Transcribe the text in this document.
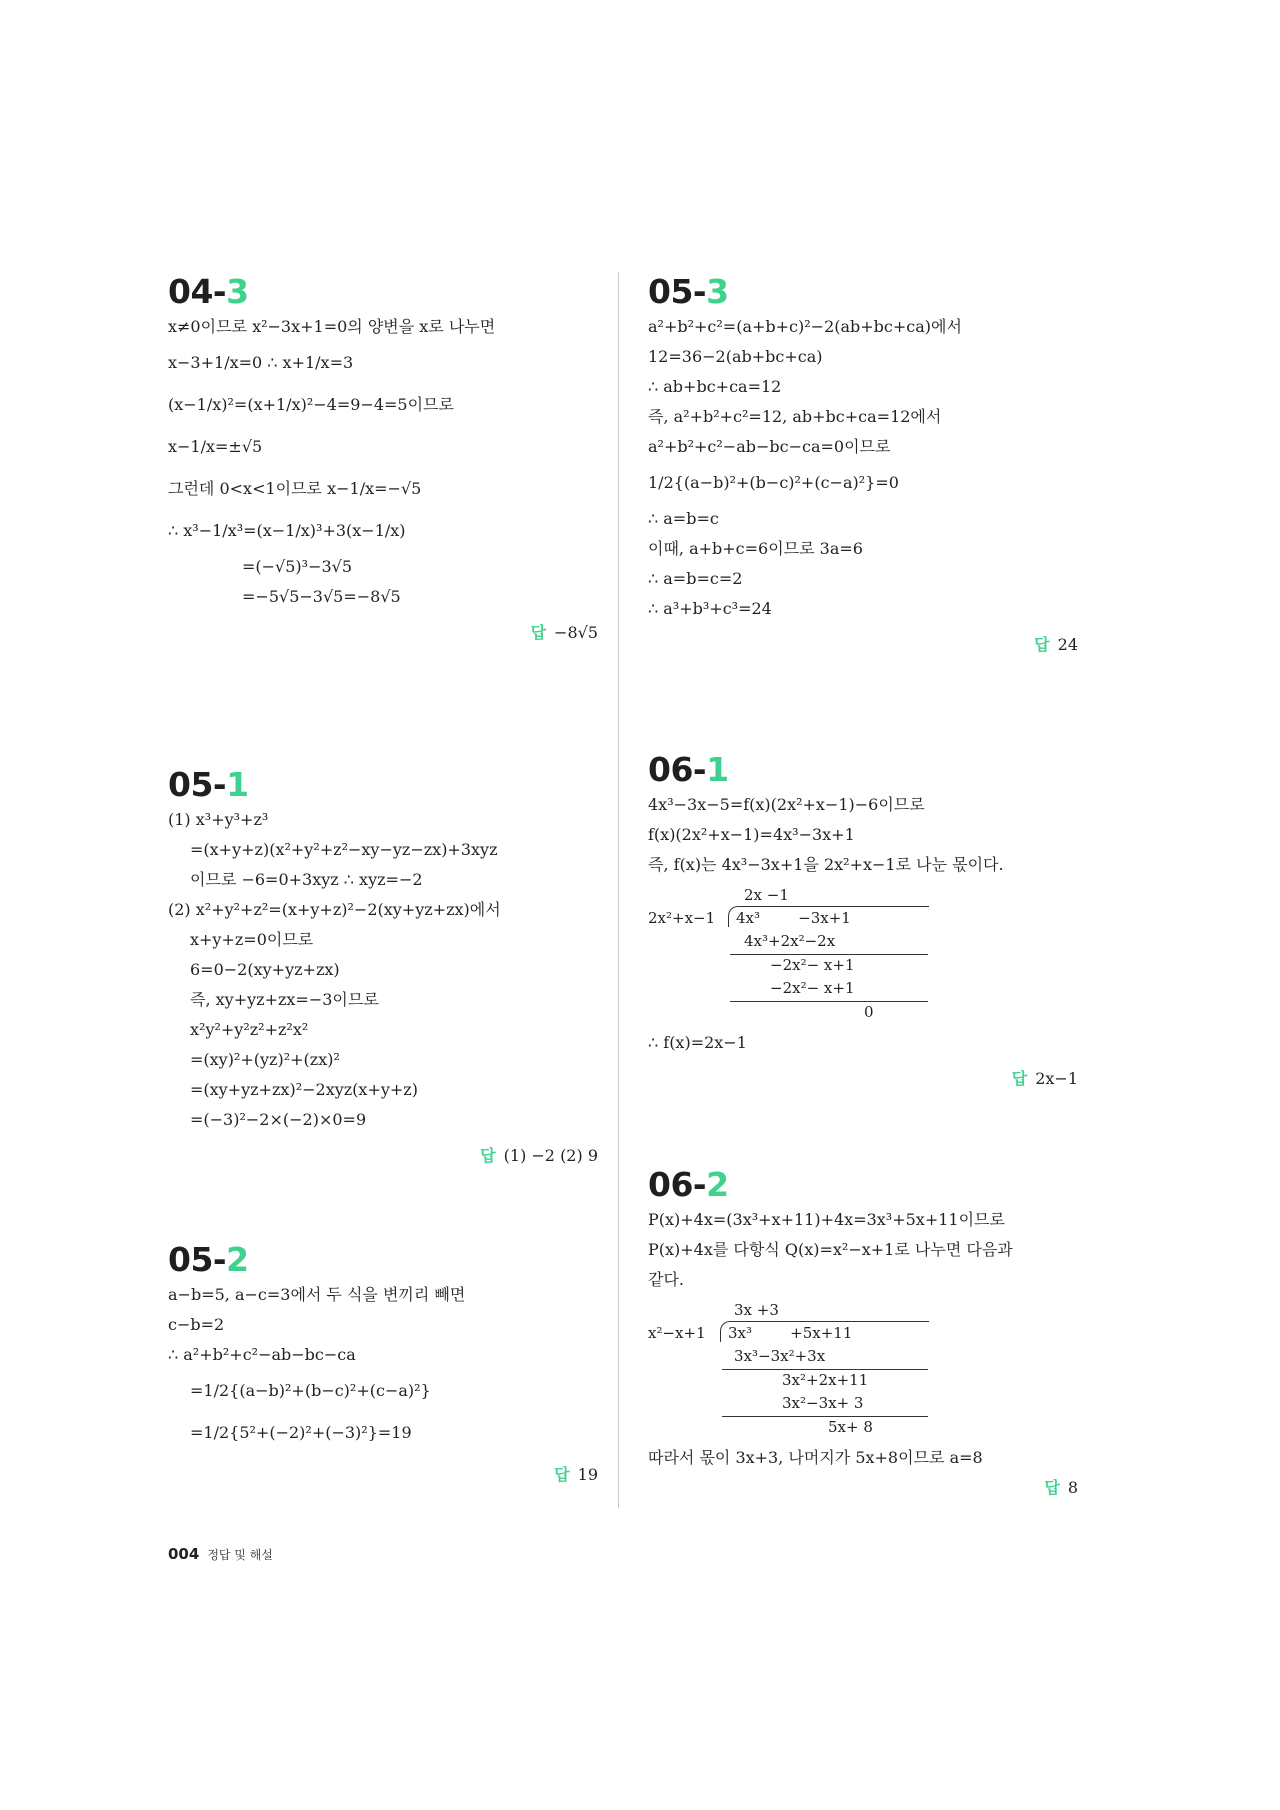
04-3
x≠0이므로 x²−3x+1=0의 양변을 x로 나누면
x−3+1/x=0 ∴ x+1/x=3
(x−1/x)²=(x+1/x)²−4=9−4=5이므로
x−1/x=±√5
그런데 0<x<1이므로 x−1/x=−√5
∴ x³−1/x³=(x−1/x)³+3(x−1/x)
=(−√5)³−3√5
=−5√5−3√5=−8√5
답 −8√5
05-1
(1) x³+y³+z³
=(x+y+z)(x²+y²+z²−xy−yz−zx)+3xyz
이므로 −6=0+3xyz ∴ xyz=−2
(2) x²+y²+z²=(x+y+z)²−2(xy+yz+zx)에서
x+y+z=0이므로
6=0−2(xy+yz+zx)
즉, xy+yz+zx=−3이므로
x²y²+y²z²+z²x²
=(xy)²+(yz)²+(zx)²
=(xy+yz+zx)²−2xyz(x+y+z)
=(−3)²−2×(−2)×0=9
답 (1) −2 (2) 9
05-2
a−b=5, a−c=3에서 두 식을 변끼리 빼면
c−b=2
∴ a²+b²+c²−ab−bc−ca
=1/2{(a−b)²+(b−c)²+(c−a)²}
=1/2{5²+(−2)²+(−3)²}=19
답 19
05-3
a²+b²+c²=(a+b+c)²−2(ab+bc+ca)에서
12=36−2(ab+bc+ca)
∴ ab+bc+ca=12
즉, a²+b²+c²=12, ab+bc+ca=12에서
a²+b²+c²−ab−bc−ca=0이므로
1/2{(a−b)²+(b−c)²+(c−a)²}=0
∴ a=b=c
이때, a+b+c=6이므로 3a=6
∴ a=b=c=2
∴ a³+b³+c³=24
답 24
06-1
4x³−3x−5=f(x)(2x²+x−1)−6이므로
f(x)(2x²+x−1)=4x³−3x+1
즉, f(x)는 4x³−3x+1을 2x²+x−1로 나눈 몫이다.

2x −1

2x²+x−1

4x³        −3x+1

4x³+2x²−2x

−2x²− x+1

−2x²− x+1

0

∴ f(x)=2x−1
답 2x−1
06-2
P(x)+4x=(3x³+x+11)+4x=3x³+5x+11이므로
P(x)+4x를 다항식 Q(x)=x²−x+1로 나누면 다음과
같다.

3x +3

x²−x+1

3x³        +5x+11

3x³−3x²+3x

3x²+2x+11

3x²−3x+ 3

5x+ 8

따라서 몫이 3x+3, 나머지가 5x+8이므로 a=8
답 8
004 정답 및 해설
